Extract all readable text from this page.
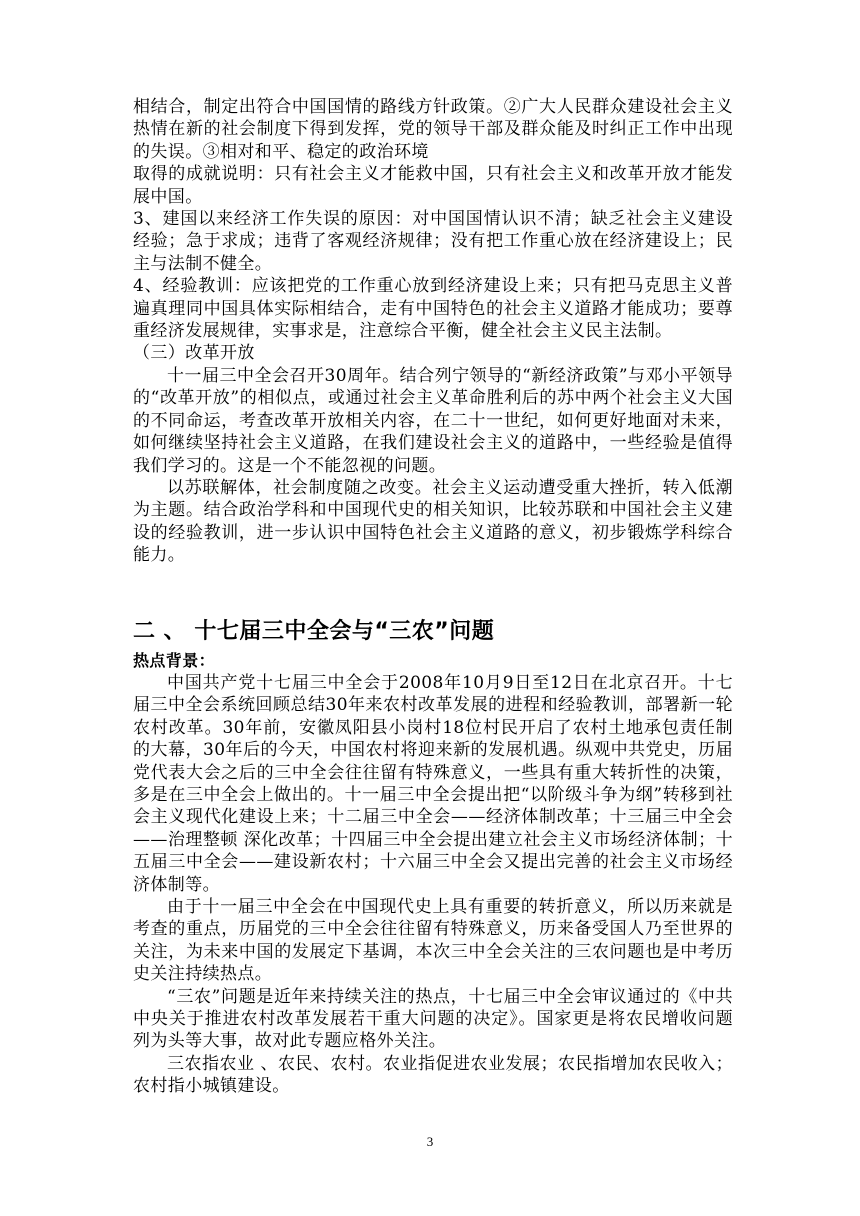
相结合，制定出符合中国国情的路线方针政策。②广大人民群众建设社会主义热情在新的社会制度下得到发挥，党的领导干部及群众能及时纠正工作中出现的失误。③相对和平、稳定的政治环境

取得的成就说明：只有社会主义才能救中国，只有社会主义和改革开放才能发展中国。

3、建国以来经济工作失误的原因：对中国国情认识不清；缺乏社会主义建设经验；急于求成；违背了客观经济规律；没有把工作重心放在经济建设上；民主与法制不健全。

4、经验教训：应该把党的工作重心放到经济建设上来；只有把马克思主义普遍真理同中国具体实际相结合，走有中国特色的社会主义道路才能成功；要尊重经济发展规律，实事求是，注意综合平衡，健全社会主义民主法制。

（三）改革开放

十一届三中全会召开30周年。结合列宁领导的“新经济政策”与邓小平领导的“改革开放”的相似点，或通过社会主义革命胜利后的苏中两个社会主义大国的不同命运，考查改革开放相关内容，在二十一世纪，如何更好地面对未来，如何继续坚持社会主义道路，在我们建设社会主义的道路中，一些经验是值得我们学习的。这是一个不能忽视的问题。

以苏联解体，社会制度随之改变。社会主义运动遭受重大挫折，转入低潮为主题。结合政治学科和中国现代史的相关知识，比较苏联和中国社会主义建设的经验教训，进一步认识中国特色社会主义道路的意义，初步锻炼学科综合能力。

二 、 十七届三中全会与“三农”问题

热点背景：

中国共产党十七届三中全会于2008年10月9日至12日在北京召开。十七届三中全会系统回顾总结30年来农村改革发展的进程和经验教训，部署新一轮农村改革。30年前，安徽凤阳县小岗村18位村民开启了农村土地承包责任制的大幕，30年后的今天，中国农村将迎来新的发展机遇。纵观中共党史，历届党代表大会之后的三中全会往往留有特殊意义，一些具有重大转折性的决策，多是在三中全会上做出的。十一届三中全会提出把“以阶级斗争为纲”转移到社会主义现代化建设上来；十二届三中全会——经济体制改革；十三届三中全会——治理整顿 深化改革；十四届三中全会提出建立社会主义市场经济体制；十五届三中全会——建设新农村；十六届三中全会又提出完善的社会主义市场经济体制等。

由于十一届三中全会在中国现代史上具有重要的转折意义，所以历来就是考查的重点，历届党的三中全会往往留有特殊意义，历来备受国人乃至世界的关注，为未来中国的发展定下基调，本次三中全会关注的三农问题也是中考历史关注持续热点。

“三农”问题是近年来持续关注的热点，十七届三中全会审议通过的《中共中央关于推进农村改革发展若干重大问题的决定》。国家更是将农民增收问题列为头等大事，故对此专题应格外关注。

三农指农业 、农民、农村。农业指促进农业发展；农民指增加农民收入；农村指小城镇建设。

3
